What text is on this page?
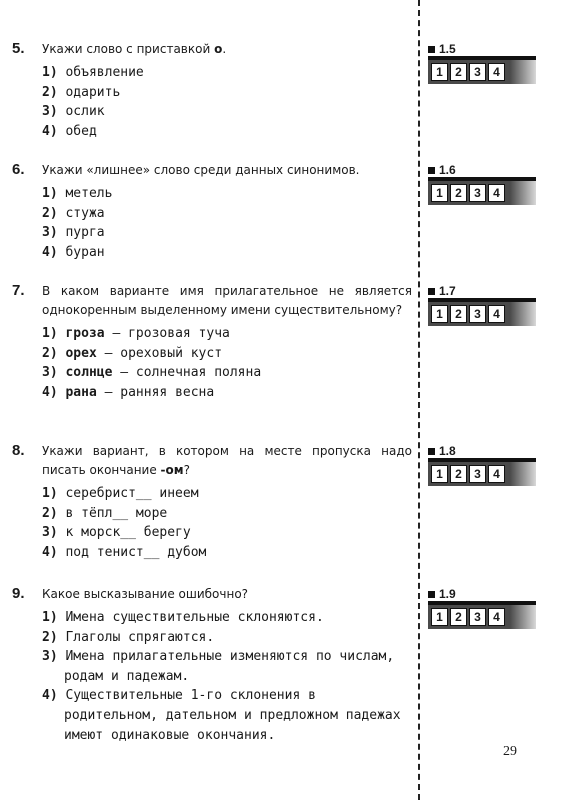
5. Укажи слово с приставкой о.
1) объявление
2) одарить
3) ослик
4) обед
6. Укажи «лишнее» слово среди данных синонимов.
1) метель
2) стужа
3) пурга
4) буран
7. В каком варианте имя прилагательное не является однокоренным выделенному имени существительному?
1) гроза — грозовая туча
2) орех — ореховый куст
3) солнце — солнечная поляна
4) рана — ранняя весна
8. Укажи вариант, в котором на месте пропуска надо писать окончание -ом?
1) серебрист__ инеем
2) в тёпл__ море
3) к морск__ берегу
4) под тенист__ дубом
9. Какое высказывание ошибочно?
1) Имена существительные склоняются.
2) Глаголы спрягаются.
3) Имена прилагательные изменяются по числам, родам и падежам.
4) Существительные 1-го склонения в родительном, дательном и предложном падежах имеют одинаковые окончания.
1.5
1	2	3	4
1.6
1	2	3	4
1.7
1	2	3	4
1.8
1	2	3	4
1.9
1	2	3	4
29
